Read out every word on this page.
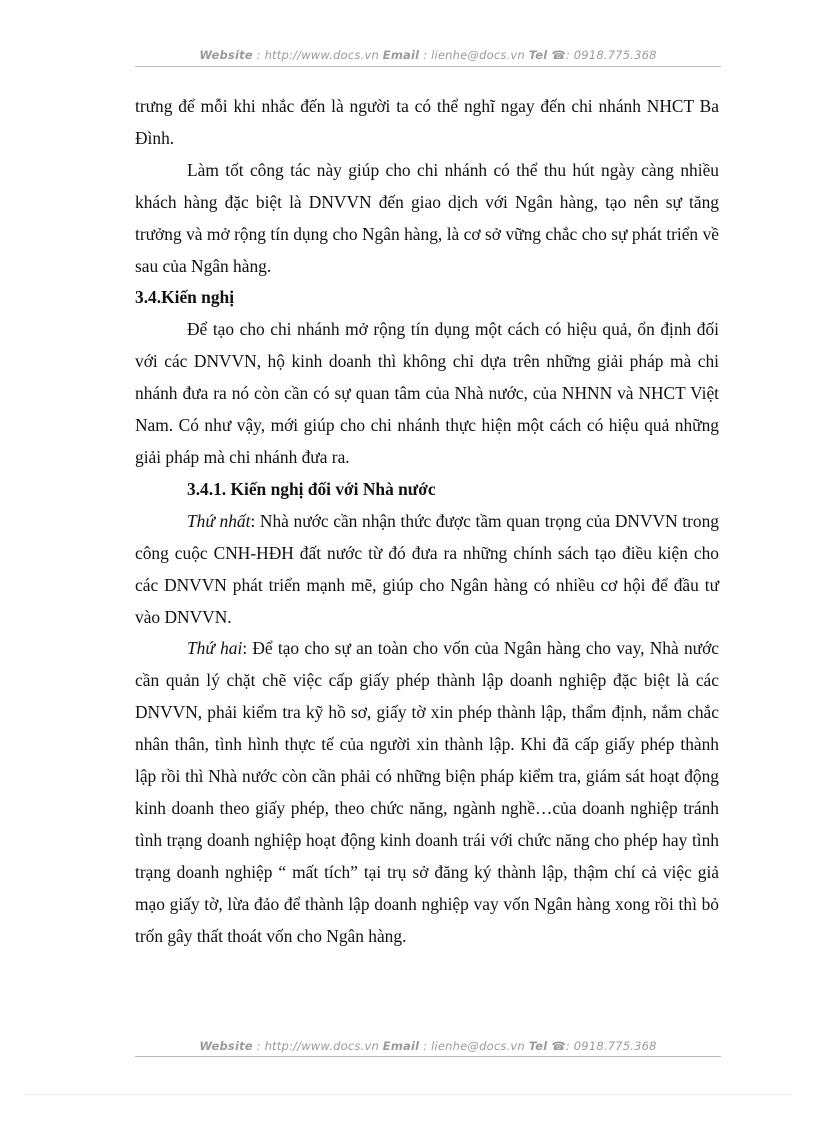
Website : http://www.docs.vn Email : lienhe@docs.vn Tel ☎: 0918.775.368

trưng để mỗi khi nhắc đến là người ta có thể nghĩ ngay đến chi nhánh NHCT Ba Đình.

Làm tốt công tác này giúp cho chi nhánh có thể thu hút ngày càng nhiều khách hàng đặc biệt là DNVVN đến giao dịch với Ngân hàng, tạo nên sự tăng trưởng và mở rộng tín dụng cho Ngân hàng, là cơ sở vững chắc cho sự phát triển về sau của Ngân hàng.

3.4.Kiến nghị

Để tạo cho chi nhánh mở rộng tín dụng một cách có hiệu quả, ổn định đối với các DNVVN, hộ kinh doanh thì không chỉ dựa trên những giải pháp mà chi nhánh đưa ra nó còn cần có sự quan tâm của Nhà nước, của NHNN và NHCT Việt Nam. Có như vậy, mới giúp cho chi nhánh thực hiện một cách có hiệu quả những giải pháp mà chi nhánh đưa ra.

3.4.1. Kiến nghị đối với Nhà nước

Thứ nhất: Nhà nước cần nhận thức được tầm quan trọng của DNVVN trong công cuộc CNH-HĐH đất nước từ đó đưa ra những chính sách tạo điều kiện cho các DNVVN phát triển mạnh mẽ, giúp cho Ngân hàng có nhiều cơ hội để đầu tư vào DNVVN.

Thứ hai: Để tạo cho sự an toàn cho vốn của Ngân hàng cho vay, Nhà nước cần quản lý chặt chẽ việc cấp giấy phép thành lập doanh nghiệp đặc biệt là các DNVVN, phải kiểm tra kỹ hồ sơ, giấy tờ xin phép thành lập, thẩm định, nắm chắc nhân thân, tình hình thực tế của người xin thành lập. Khi đã cấp giấy phép thành lập rồi thì Nhà nước còn cần phải có những biện pháp kiểm tra, giám sát hoạt động kinh doanh theo giấy phép, theo chức năng, ngành nghề…của doanh nghiệp tránh tình trạng doanh nghiệp hoạt động kinh doanh trái với chức năng cho phép hay tình trạng doanh nghiệp “ mất tích” tại trụ sở đăng ký thành lập, thậm chí cả việc giả mạo giấy tờ, lừa đảo để thành lập doanh nghiệp vay vốn Ngân hàng xong rồi thì bỏ trốn gây thất thoát vốn cho Ngân hàng.

Website : http://www.docs.vn Email : lienhe@docs.vn Tel ☎: 0918.775.368
